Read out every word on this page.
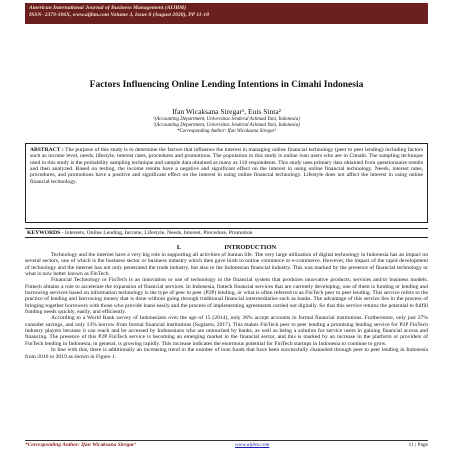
American International Journal of Business Management (AIJBM)
ISSN- 2379-106X, www.aijbm.com Volume 3, Issue 8 (August 2020), PP 11-18
Factors Influencing Online Lending Intentions in Cimahi Indonesia
Ifan Wicaksana Siregar¹, Euis Sinta²
¹(Accounting Department, Universitas Jenderal Achmad Yani, Indonesia)
²(Accounting Department, Universitas Jenderal Achmad Yani, Indonesia)
*Corresponding Author: Ifan Wicaksana Siregar¹
ABSTRACT : The purpose of this study is to determine the factors that influence the interest in managing online financial technology (peer to peer lending) including factors such as income level, needs, lifestyle, interest rates, procedures and promotions. The population in this study is online loan users who are in Cimahi. The sampling technique used in this study is the probability sampling technique and sample data obtained as many as 110 respondents. This study uses primary data obtained from questionnaire results and then analyzed. Based on testing, the income results have a negative and significant effect on the interest in using online financial technology. Needs, interest rates, procedures, and promotions have a positive and significant effect on the interest in using online financial technology. Lifestyle does not affect the interest in using online financial technology.
KEYWORDS - Interests, Online Lending, Income, Lifestyle, Needs, Interest, Procedure, Promotion
I.	INTRODUCTION

Technology and the internet have a very big role in supporting all activities of human life. The very large utilization of digital technology in Indonesia has an impact on several sectors, one of which is the business sector or business industry which then gave birth to online commerce or e-commerce. However, the impact of the rapid development of technology and the internet has not only penetrated the trade industry, but also to the Indonesian financial industry. This was marked by the presence of financial technology or what is now better known as FinTech.

Financial Technology or FinTech is an innovation or use of technology in the financial system that produces innovative products, services and/or business models. Fintech obtains a role to accelerate the expansion of financial services. In Indonesia, fintech financial services that are currently developing, one of them is funding or lending and borrowing services based on information technology is the type of peer to peer (P2P) lending, or what is often referred to as FinTech peer to peer lending. This service refers to the practice of lending and borrowing money that is done without going through traditional financial intermediaries such as banks. The advantage of this service lies in the process of bringing together borrowers with those who provide loans easily and the process of implementing agreements carried out digitally. So that this service returns the potential to fulfill funding needs quickly, easily, and efficiently.

According to a World Bank survey of Indonesians over the age of 15 (2014), only 36% accept accounts in formal financial institutions. Furthermore, only just 27% consider savings, and only 13% borrow from formal financial institutions (Sugiarto, 2017). This makes FinTech peer to peer lending a promising lending service for P2P FinTech industry players because it can reach and be accessed by Indonesians who are untouched by banks, as well as being a solution for service users in gaining financial access and financing. The presence of this P2P FinTech service is becoming an emerging market in the financial sector, and this is marked by an increase in the platform or providers of FinTech lending in Indonesia, in general, is growing rapidly. This increase indicates the enormous potential for FinTech startups in Indonesia to continue to grow.

In line with this, there is additionally an increasing trend in the number of loan funds that have been successfully channeled through peer to peer lending in Indonesia from 2016 to 2019 as shown in Figure 1.

*Corresponding Author: Ifan Wicaksana Siregar¹	www.aijbm.com	11 | Page
